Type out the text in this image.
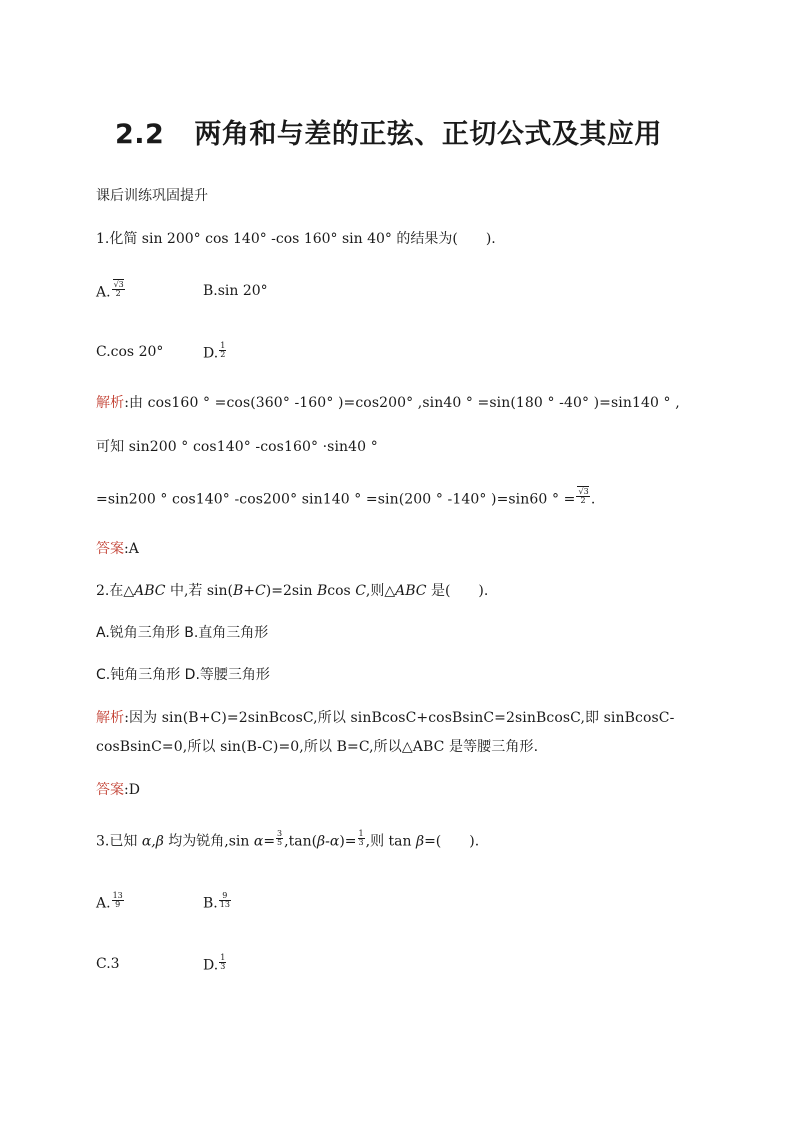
2.2 两角和与差的正弦、正切公式及其应用
课后训练巩固提升
1.化简 sin 200° cos 140° -cos 160° sin 40° 的结果为(　　).
A. $\frac{√3}{2}$	B.sin 20°
C.cos 20°	D. $\frac{1}{2}$
解析:由 cos160 ° =cos(360° -160° )=cos200° ,sin40 ° =sin(180 ° -40° )=sin140 ° ,
可知 sin200 ° cos140° -cos160° ·sin40 °
=sin200 ° cos140° -cos200° sin140 ° =sin(200 ° -140° )=sin60 ° = $\frac{√3}{2}$ .
答案:A
2.在△ABC 中,若 sin(B+C)=2sin Bcos C,则△ABC 是(　　).
A.锐角三角形 B.直角三角形
C.钝角三角形 D.等腰三角形
解析:因为 sin(B+C)=2sinBcosC,所以 sinBcosC+cosBsinC=2sinBcosC,即 sinBcosC-
cosBsinC=0,所以 sin(B-C)=0,所以 B=C,所以△ABC 是等腰三角形.
答案:D
3.已知 α,β 均为锐角,sin $\alpha= \frac{3}{5} ,\tan(\beta-\alpha)= \frac{1}{3}$ ,则 tan β=(　　).
A. $\frac{13}{9}$	B. $\frac{9}{13}$
C.3	D. $\frac{1}{3}$
